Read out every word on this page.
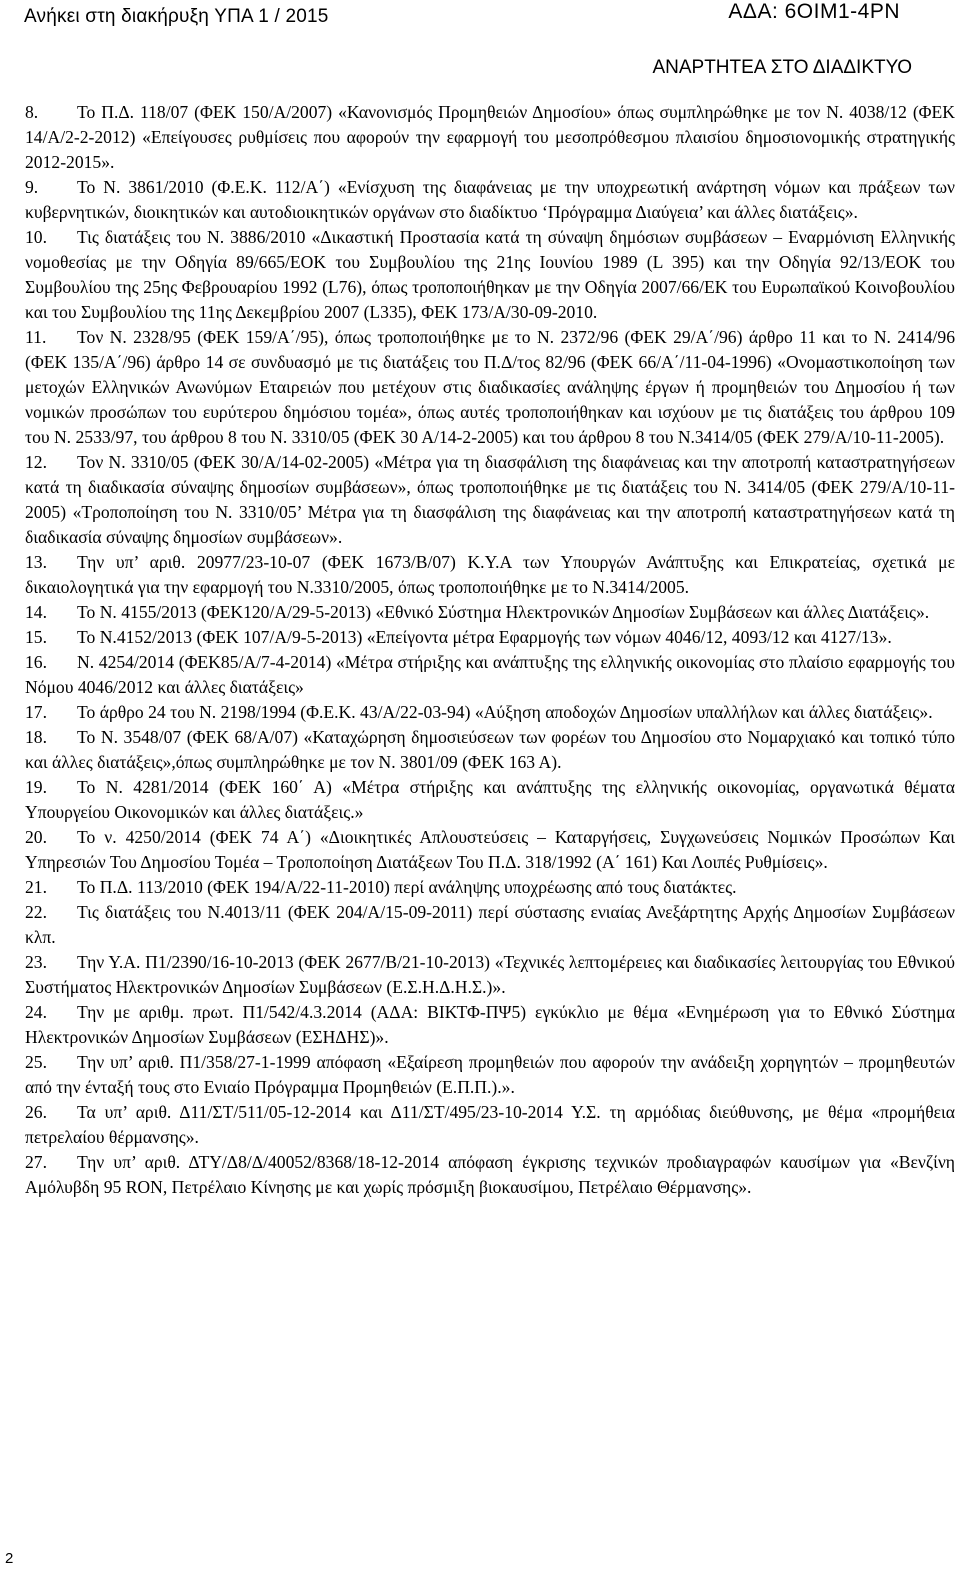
Ανήκει στη διακήρυξη ΥΠΑ 1 / 2015	ΑΔΑ: 6ΟΙΜ1-4ΡΝ
ΑΝΑΡΤΗΤΕΑ ΣΤΟ ΔΙΑΔΙΚΤΥΟ

8. Το Π.Δ. 118/07 (ΦΕΚ 150/Α/2007) «Κανονισμός Προμηθειών Δημοσίου» όπως συμπληρώθηκε με τον Ν. 4038/12 (ΦΕΚ 14/Α/2-2-2012) «Επείγουσες ρυθμίσεις που αφορούν την εφαρμογή του μεσοπρόθεσμου πλαισίου δημοσιονομικής στρατηγικής 2012-2015».

9. Το Ν. 3861/2010 (Φ.Ε.Κ. 112/Α΄) «Ενίσχυση της διαφάνειας με την υποχρεωτική ανάρτηση νόμων και πράξεων των κυβερνητικών, διοικητικών και αυτοδιοικητικών οργάνων στο διαδίκτυο ‘Πρόγραμμα Διαύγεια’ και άλλες διατάξεις».

10. Τις διατάξεις του Ν. 3886/2010 «Δικαστική Προστασία κατά τη σύναψη δημόσιων συμβάσεων – Εναρμόνιση Ελληνικής νομοθεσίας με την Οδηγία 89/665/ΕΟΚ του Συμβουλίου της 21ης Ιουνίου 1989 (L 395) και την Οδηγία 92/13/ΕΟΚ του Συμβουλίου της 25ης Φεβρουαρίου 1992 (L76), όπως τροποποιήθηκαν με την Οδηγία 2007/66/ΕΚ του Ευρωπαϊκού Κοινοβουλίου και του Συμβουλίου της 11ης Δεκεμβρίου 2007 (L335), ΦΕΚ 173/Α/30-09-2010.

11. Τον Ν. 2328/95 (ΦΕΚ 159/Α΄/95), όπως τροποποιήθηκε με το Ν. 2372/96 (ΦΕΚ 29/Α΄/96) άρθρο 11 και το Ν. 2414/96 (ΦΕΚ 135/Α΄/96) άρθρο 14 σε συνδυασμό με τις διατάξεις του Π.Δ/τος 82/96 (ΦΕΚ 66/Α΄/11-04-1996) «Ονομαστικοποίηση των μετοχών Ελληνικών Ανωνύμων Εταιρειών που μετέχουν στις διαδικασίες ανάληψης έργων ή προμηθειών του Δημοσίου ή των νομικών προσώπων του ευρύτερου δημόσιου τομέα», όπως αυτές τροποποιήθηκαν και ισχύουν με τις διατάξεις του άρθρου 109 του Ν. 2533/97, του άρθρου 8 του Ν. 3310/05 (ΦΕΚ 30 Α/14-2-2005) και του άρθρου 8 του Ν.3414/05 (ΦΕΚ 279/Α/10-11-2005).

12. Τον Ν. 3310/05 (ΦΕΚ 30/Α/14-02-2005) «Μέτρα για τη διασφάλιση της διαφάνειας και την αποτροπή καταστρατηγήσεων κατά τη διαδικασία σύναψης δημοσίων συμβάσεων», όπως τροποποιήθηκε με τις διατάξεις του Ν. 3414/05 (ΦΕΚ 279/Α/10-11-2005) «Τροποποίηση του Ν. 3310/05’ Μέτρα για τη διασφάλιση της διαφάνειας και την αποτροπή καταστρατηγήσεων κατά τη διαδικασία σύναψης δημοσίων συμβάσεων».

13. Την υπ’ αριθ. 20977/23-10-07 (ΦΕΚ 1673/Β/07) Κ.Υ.Α των Υπουργών Ανάπτυξης και Επικρατείας, σχετικά με δικαιολογητικά για την εφαρμογή του Ν.3310/2005, όπως τροποποιήθηκε με το Ν.3414/2005.

14. Το Ν. 4155/2013 (ΦΕΚ120/Α/29-5-2013) «Εθνικό Σύστημα Ηλεκτρονικών Δημοσίων Συμβάσεων και άλλες Διατάξεις».

15. Το Ν.4152/2013 (ΦΕΚ 107/Α/9-5-2013) «Επείγοντα μέτρα Εφαρμογής των νόμων 4046/12, 4093/12 και 4127/13».

16. Ν. 4254/2014 (ΦΕΚ85/Α/7-4-2014) «Μέτρα στήριξης και ανάπτυξης της ελληνικής οικονομίας στο πλαίσιο εφαρμογής του Νόμου 4046/2012 και άλλες διατάξεις»

17. Το άρθρο 24 του Ν. 2198/1994 (Φ.Ε.Κ. 43/Α/22-03-94) «Αύξηση αποδοχών Δημοσίων υπαλλήλων και άλλες διατάξεις».

18. Το Ν. 3548/07 (ΦΕΚ 68/Α/07) «Καταχώρηση δημοσιεύσεων των φορέων του Δημοσίου στο Νομαρχιακό και τοπικό τύπο και άλλες διατάξεις»,όπως συμπληρώθηκε με τον Ν. 3801/09 (ΦΕΚ 163 Α).

19. Το Ν. 4281/2014 (ΦΕΚ 160΄ Α) «Μέτρα στήριξης και ανάπτυξης της ελληνικής οικονομίας, οργανωτικά θέματα Υπουργείου Οικονομικών και άλλες διατάξεις.»

20. Το ν. 4250/2014 (ΦΕΚ 74 Α΄) «Διοικητικές Απλουστεύσεις – Καταργήσεις, Συγχωνεύσεις Νομικών Προσώπων Και Υπηρεσιών Του Δημοσίου Τομέα – Τροποποίηση Διατάξεων Του Π.Δ. 318/1992 (Α΄ 161) Και Λοιπές Ρυθμίσεις».

21. Το Π.Δ. 113/2010 (ΦΕΚ 194/Α/22-11-2010) περί ανάληψης υποχρέωσης από τους διατάκτες.

22. Τις διατάξεις του Ν.4013/11 (ΦΕΚ 204/Α/15-09-2011) περί σύστασης ενιαίας Ανεξάρτητης Αρχής Δημοσίων Συμβάσεων κλπ.

23. Την Υ.Α. Π1/2390/16-10-2013 (ΦΕΚ 2677/Β/21-10-2013) «Τεχνικές λεπτομέρειες και διαδικασίες λειτουργίας του Εθνικού Συστήματος Ηλεκτρονικών Δημοσίων Συμβάσεων (Ε.Σ.Η.Δ.Η.Σ.)».

24. Την με αριθμ. πρωτ. Π1/542/4.3.2014 (ΑΔΑ: ΒΙΚΤΦ-ΠΨ5) εγκύκλιο με θέμα «Ενημέρωση για το Εθνικό Σύστημα Ηλεκτρονικών Δημοσίων Συμβάσεων (ΕΣΗΔΗΣ)».

25. Την υπ’ αριθ. Π1/358/27-1-1999 απόφαση «Εξαίρεση προμηθειών που αφορούν την ανάδειξη χορηγητών – προμηθευτών από την ένταξή τους στο Ενιαίο Πρόγραμμα Προμηθειών (Ε.Π.Π.).».

26. Τα υπ’ αριθ. Δ11/ΣΤ/511/05-12-2014 και Δ11/ΣΤ/495/23-10-2014 Υ.Σ. τη αρμόδιας διεύθυνσης, με θέμα «προμήθεια πετρελαίου θέρμανσης».

27. Την υπ’ αριθ. ΔΤΥ/Δ8/Δ/40052/8368/18-12-2014 απόφαση έγκρισης τεχνικών προδιαγραφών καυσίμων για «Βενζίνη Αμόλυβδη 95 RON, Πετρέλαιο Κίνησης με και χωρίς πρόσμιξη βιοκαυσίμου, Πετρέλαιο Θέρμανσης».

2
